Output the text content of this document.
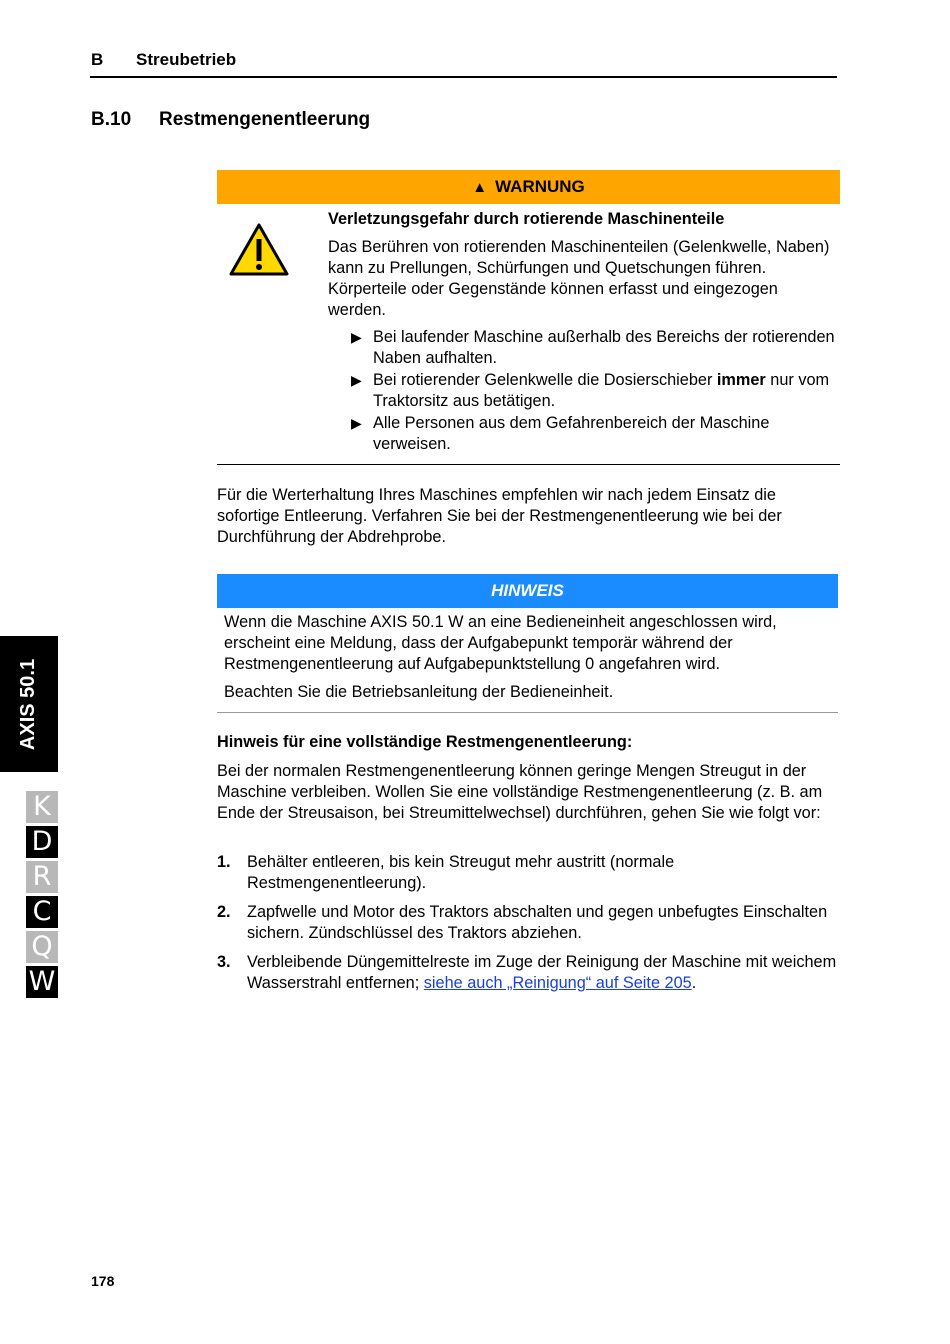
B Streubetrieb
B.10 Restmengenentleerung
▲ WARNUNG

Verletzungsgefahr durch rotierende Maschinenteile

Das Berühren von rotierenden Maschinenteilen (Gelenkwelle, Naben) kann zu Prellungen, Schürfungen und Quetschungen führen. Körperteile oder Gegenstände können erfasst und eingezogen werden.

▶ Bei laufender Maschine außerhalb des Bereichs der rotierenden Naben aufhalten.
▶ Bei rotierender Gelenkwelle die Dosierschieber immer nur vom Traktorsitz aus betätigen.
▶ Alle Personen aus dem Gefahrenbereich der Maschine verweisen.

Für die Werterhaltung Ihres Maschines empfehlen wir nach jedem Einsatz die sofortige Entleerung. Verfahren Sie bei der Restmengenentleerung wie bei der Durchführung der Abdrehprobe.

HINWEIS

Wenn die Maschine AXIS 50.1 W an eine Bedieneinheit angeschlossen wird, erscheint eine Meldung, dass der Aufgabepunkt temporär während der Restmengenentleerung auf Aufgabepunktstellung 0 angefahren wird.

Beachten Sie die Betriebsanleitung der Bedieneinheit.

Hinweis für eine vollständige Restmengenentleerung:

Bei der normalen Restmengenentleerung können geringe Mengen Streugut in der Maschine verbleiben. Wollen Sie eine vollständige Restmengenentleerung (z. B. am Ende der Streusaison, bei Streumittelwechsel) durchführen, gehen Sie wie folgt vor:

1. Behälter entleeren, bis kein Streugut mehr austritt (normale Restmengenentleerung).
2. Zapfwelle und Motor des Traktors abschalten und gegen unbefugtes Einschalten sichern. Zündschlüssel des Traktors abziehen.
3. Verbleibende Düngemittelreste im Zuge der Reinigung der Maschine mit weichem Wasserstrahl entfernen; siehe auch „Reinigung“ auf Seite 205.
AXIS 50.1
K
D
R
C
Q
W
178
